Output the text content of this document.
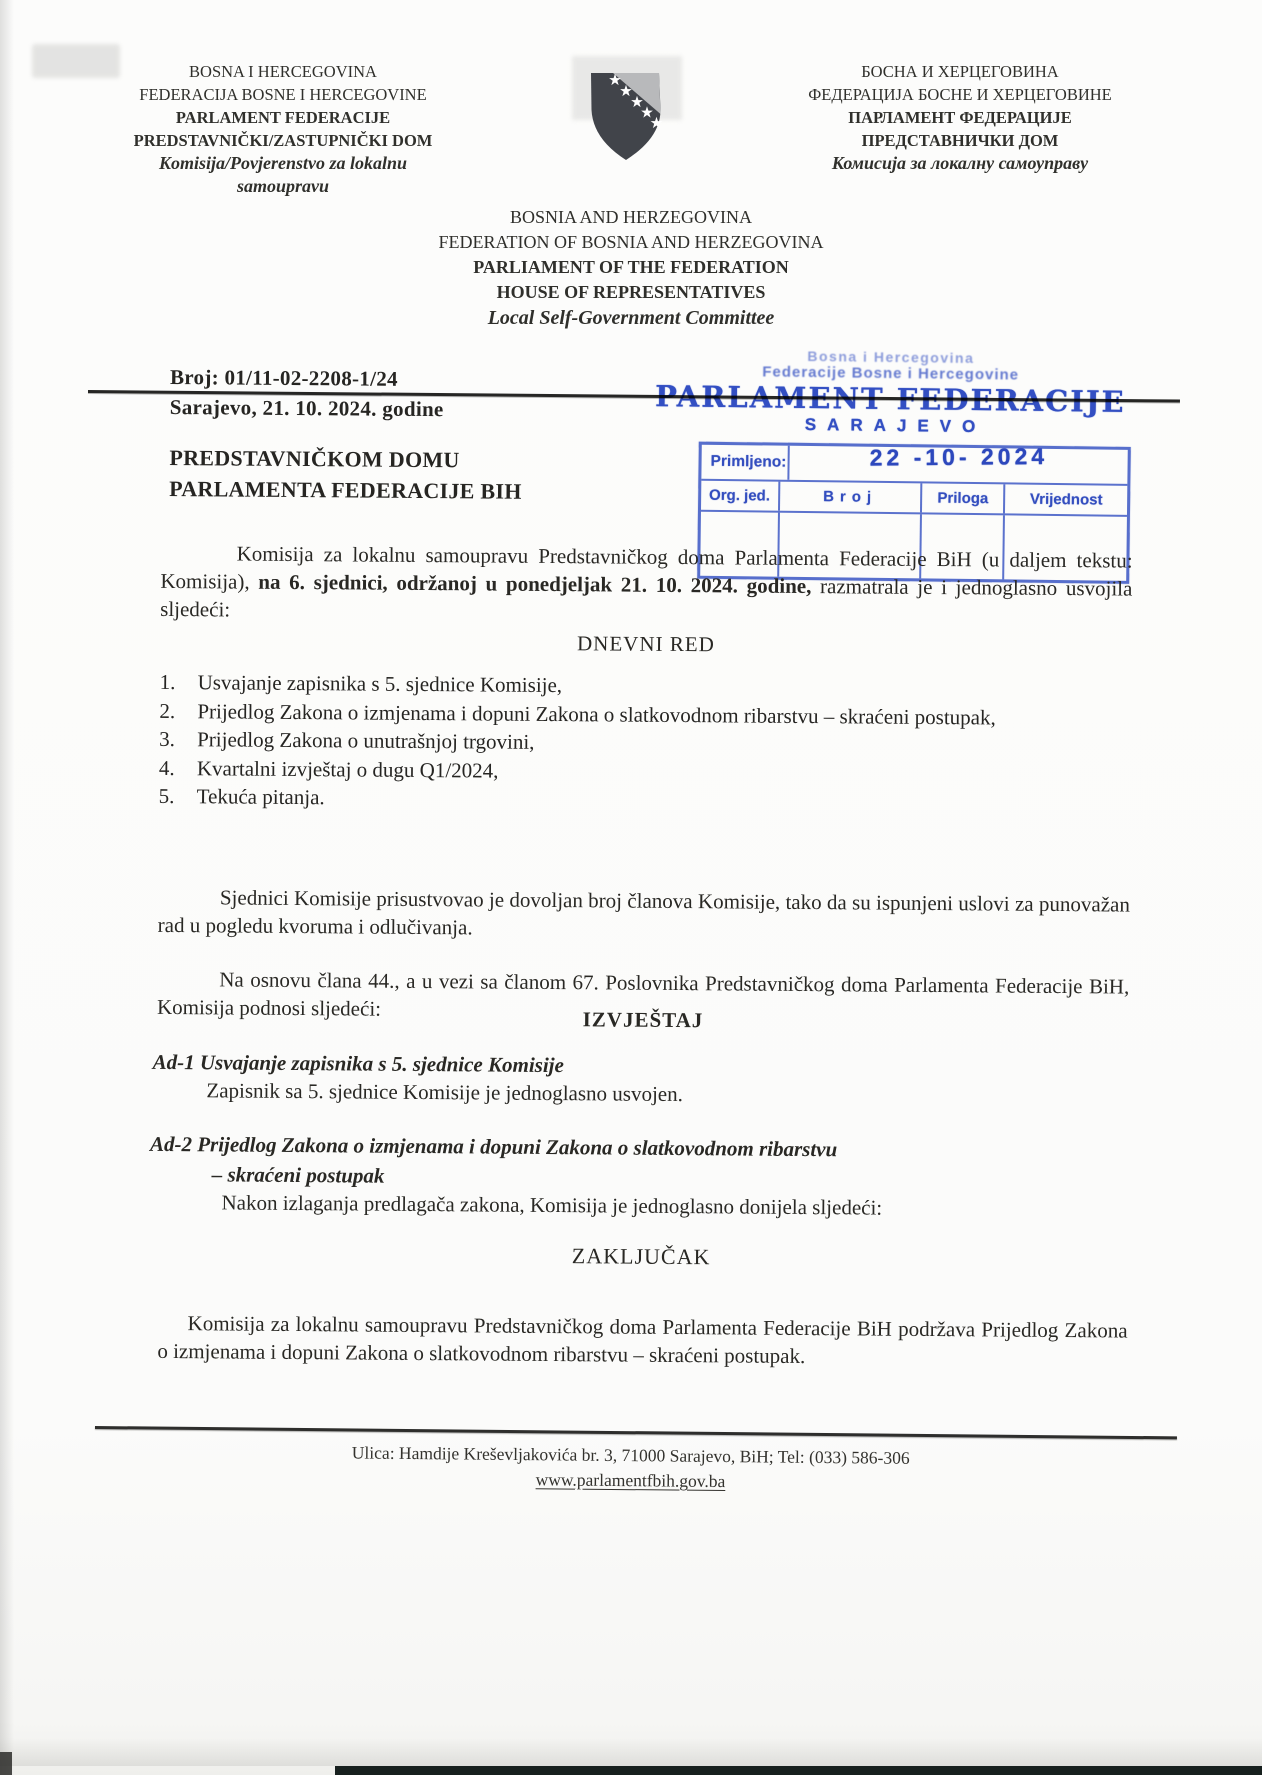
BOSNA I HERCEGOVINA
FEDERACIJA BOSNE I HERCEGOVINE
PARLAMENT FEDERACIJE
PREDSTAVNIČKI/ZASTUPNIČKI DOM
Komisija/Povjerenstvo za lokalnu
samoupravu
БОСНА И ХЕРЦЕГОВИНА
ФЕДЕРАЦИЈА БОСНЕ И ХЕРЦЕГОВИНЕ
ПАРЛАМЕНТ ФЕДЕРАЦИЈЕ
ПРЕДСТАВНИЧКИ ДОМ
Комисија за локалну самоуправу
BOSNIA AND HERZEGOVINA
FEDERATION OF BOSNIA AND HERZEGOVINA
PARLIAMENT OF THE FEDERATION
HOUSE OF REPRESENTATIVES
Local Self-Government Committee
Bosna i Hercegovina
Federacije Bosne i Hercegovine
PARLAMENT FEDERACIJE
SARAJEVO
Primljeno:	22 -10- 2024
Org. jed.	Broj	Priloga	Vrijednost
Broj: 01/11-02-2208-1/24
Sarajevo, 21. 10. 2024. godine
PREDSTAVNIČKOM DOMU
PARLAMENTA FEDERACIJE BIH

Komisija za lokalnu samoupravu Predstavničkog doma Parlamenta Federacije BiH (u daljem tekstu: Komisija), na 6. sjednici, održanoj u ponedjeljak 21. 10. 2024. godine, razmatrala je i jednoglasno usvojila sljedeći:

DNEVNI RED
1.	Usvajanje zapisnika s 5. sjednice Komisije,
2.	Prijedlog Zakona o izmjenama i dopuni Zakona o slatkovodnom ribarstvu – skraćeni postupak,
3.	Prijedlog Zakona o unutrašnjoj trgovini,
4.	Kvartalni izvještaj o dugu Q1/2024,
5.	Tekuća pitanja.

Sjednici Komisije prisustvovao je dovoljan broj članova Komisije, tako da su ispunjeni uslovi za punovažan rad u pogledu kvoruma i odlučivanja.

Na osnovu člana 44., a u vezi sa članom 67. Poslovnika Predstavničkog doma Parlamenta Federacije BiH, Komisija podnosi sljedeći:	IZVJEŠTAJ
Ad-1 Usvajanje zapisnika s 5. sjednice Komisije
Zapisnik sa 5. sjednice Komisije je jednoglasno usvojen.
Ad-2 Prijedlog Zakona o izmjenama i dopuni Zakona o slatkovodnom ribarstvu
– skraćeni postupak
Nakon izlaganja predlagača zakona, Komisija je jednoglasno donijela sljedeći:
ZAKLJUČAK

Komisija za lokalnu samoupravu Predstavničkog doma Parlamenta Federacije BiH podržava Prijedlog Zakona o izmjenama i dopuni Zakona o slatkovodnom ribarstvu – skraćeni postupak.

Ulica: Hamdije Kreševljakovića br. 3, 71000 Sarajevo, BiH; Tel: (033) 586-306
www.parlamentfbih.gov.ba
